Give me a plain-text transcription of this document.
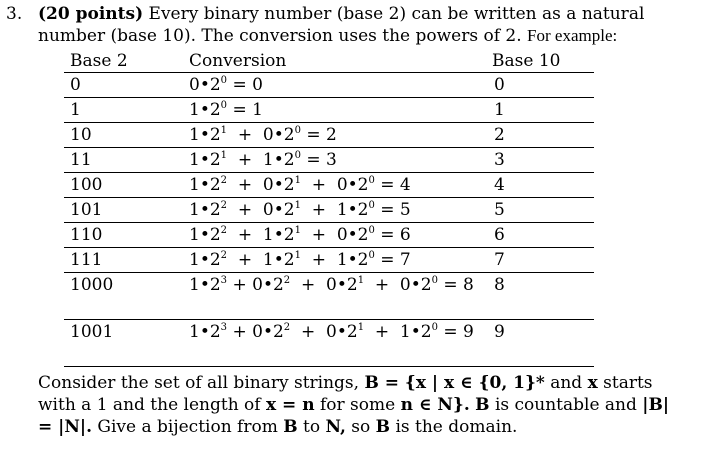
3. (20 points) Every binary number (base 2) can be written as a natural number (base 10). The conversion uses the powers of 2. For example:
Base 2	Conversion	Base 10
0	$0•2^0 = 0$	0
1	$1•2^0 = 1$	1
10	$1•2^1$  +  $0•2^0 = 2$	2
11	$1•2^1$  +  $1•2^0 = 3$	3
100	$1•2^2$  +  $0•2^1$  +  $0•2^0 = 4$	4
101	$1•2^2$  +  $0•2^1$  +  $1•2^0 = 5$	5
110	$1•2^2$  +  $1•2^1$  +  $0•2^0 = 6$	6
111	$1•2^2$  +  $1•2^1$  +  $1•2^0 = 7$	7
1000	$1•2^3$ + $0•2^2$  +  $0•2^1$  +  $0•2^0 = 8$	8
1001	$1•2^3$ + $0•2^2$  +  $0•2^1$  +  $1•2^0 = 9$	9
Consider the set of all binary strings, B = {x | x ∈ {0, 1}* and x starts with a 1 and the length of x = n for some n ∈ N}. B is countable and |B| = |N|. Give a bijection from B to N, so B is the domain.
